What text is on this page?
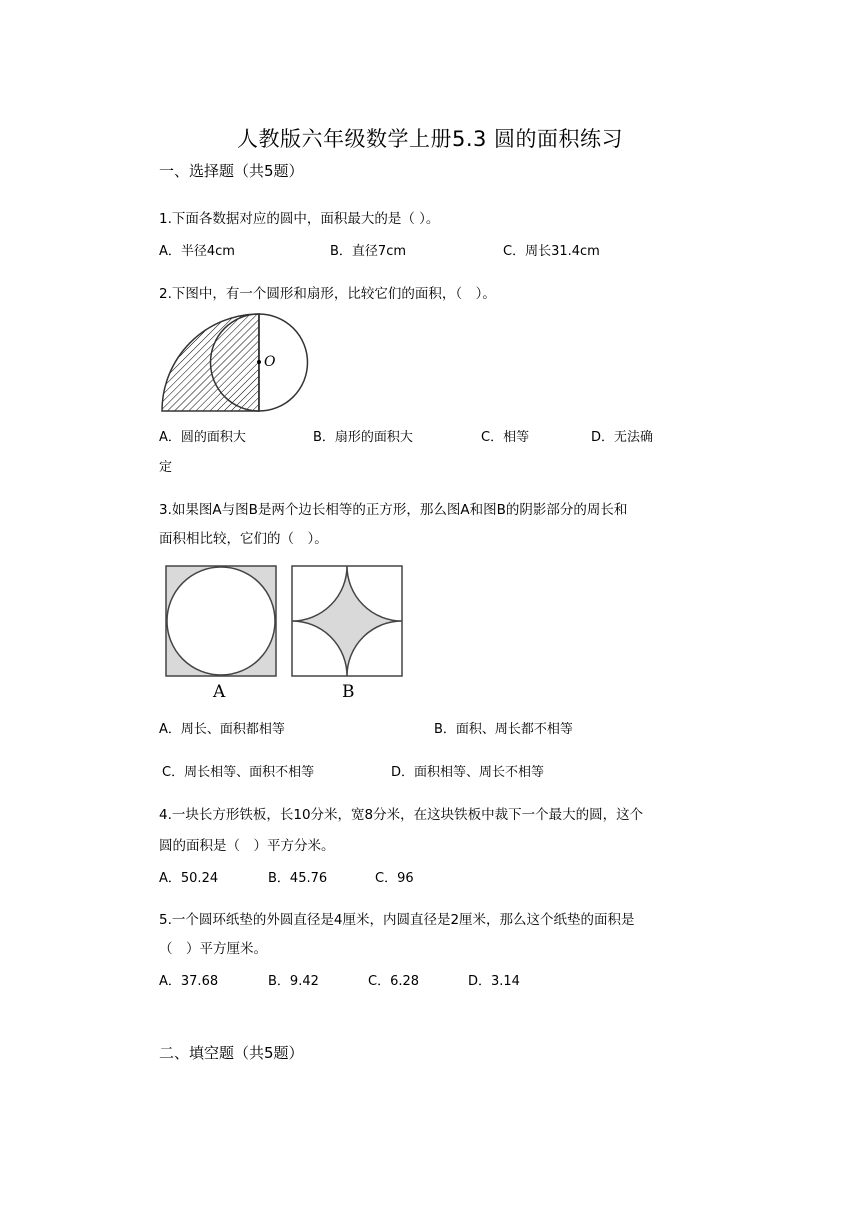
人教版六年级数学上册5.3 圆的面积练习
一、选择题（共5题）
1.下面各数据对应的圆中，面积最大的是（ ）。
A．半径4cm	B．直径7cm	C．周长31.4cm
2.下图中，有一个圆形和扇形，比较它们的面积，（　）。
O
A．圆的面积大	B．扇形的面积大	C．相等	D．无法确
定
3.如果图A与图B是两个边长相等的正方形，那么图A和图B的阴影部分的周长和
面积相比较，它们的（　）。
A	B
A．周长、面积都相等	B．面积、周长都不相等
C．周长相等、面积不相等	D．面积相等、周长不相等
4.一块长方形铁板，长10分米，宽8分米，在这块铁板中裁下一个最大的圆，这个
圆的面积是（　）平方分米。
A．50.24	B．45.76	C．96
5.一个圆环纸垫的外圆直径是4厘米，内圆直径是2厘米，那么这个纸垫的面积是
（　）平方厘米。
A．37.68	B．9.42	C．6.28	D．3.14
二、填空题（共5题）
